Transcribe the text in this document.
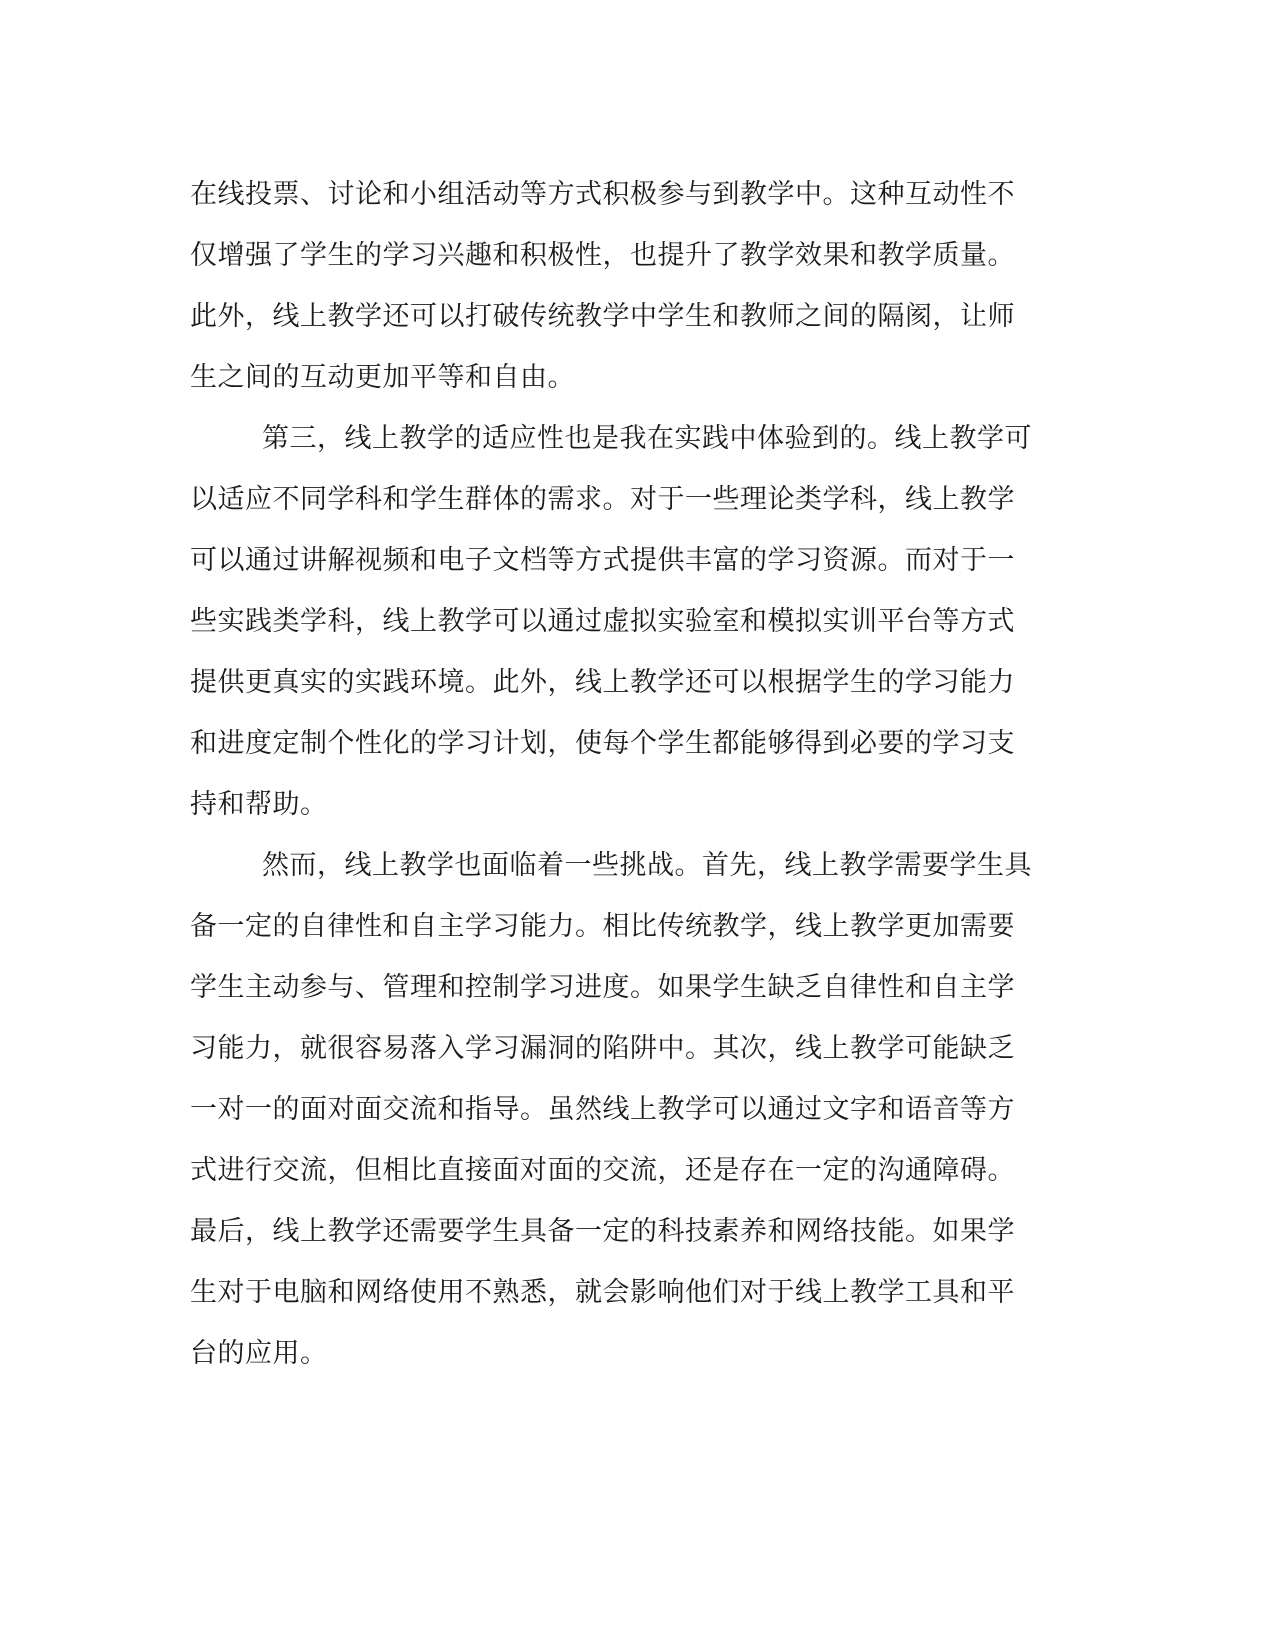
在线投票、讨论和小组活动等方式积极参与到教学中。这种互动性不
仅增强了学生的学习兴趣和积极性，也提升了教学效果和教学质量。
此外，线上教学还可以打破传统教学中学生和教师之间的隔阂，让师
生之间的互动更加平等和自由。
第三，线上教学的适应性也是我在实践中体验到的。线上教学可
以适应不同学科和学生群体的需求。对于一些理论类学科，线上教学
可以通过讲解视频和电子文档等方式提供丰富的学习资源。而对于一
些实践类学科，线上教学可以通过虚拟实验室和模拟实训平台等方式
提供更真实的实践环境。此外，线上教学还可以根据学生的学习能力
和进度定制个性化的学习计划，使每个学生都能够得到必要的学习支
持和帮助。
然而，线上教学也面临着一些挑战。首先，线上教学需要学生具
备一定的自律性和自主学习能力。相比传统教学，线上教学更加需要
学生主动参与、管理和控制学习进度。如果学生缺乏自律性和自主学
习能力，就很容易落入学习漏洞的陷阱中。其次，线上教学可能缺乏
一对一的面对面交流和指导。虽然线上教学可以通过文字和语音等方
式进行交流，但相比直接面对面的交流，还是存在一定的沟通障碍。
最后，线上教学还需要学生具备一定的科技素养和网络技能。如果学
生对于电脑和网络使用不熟悉，就会影响他们对于线上教学工具和平
台的应用。
